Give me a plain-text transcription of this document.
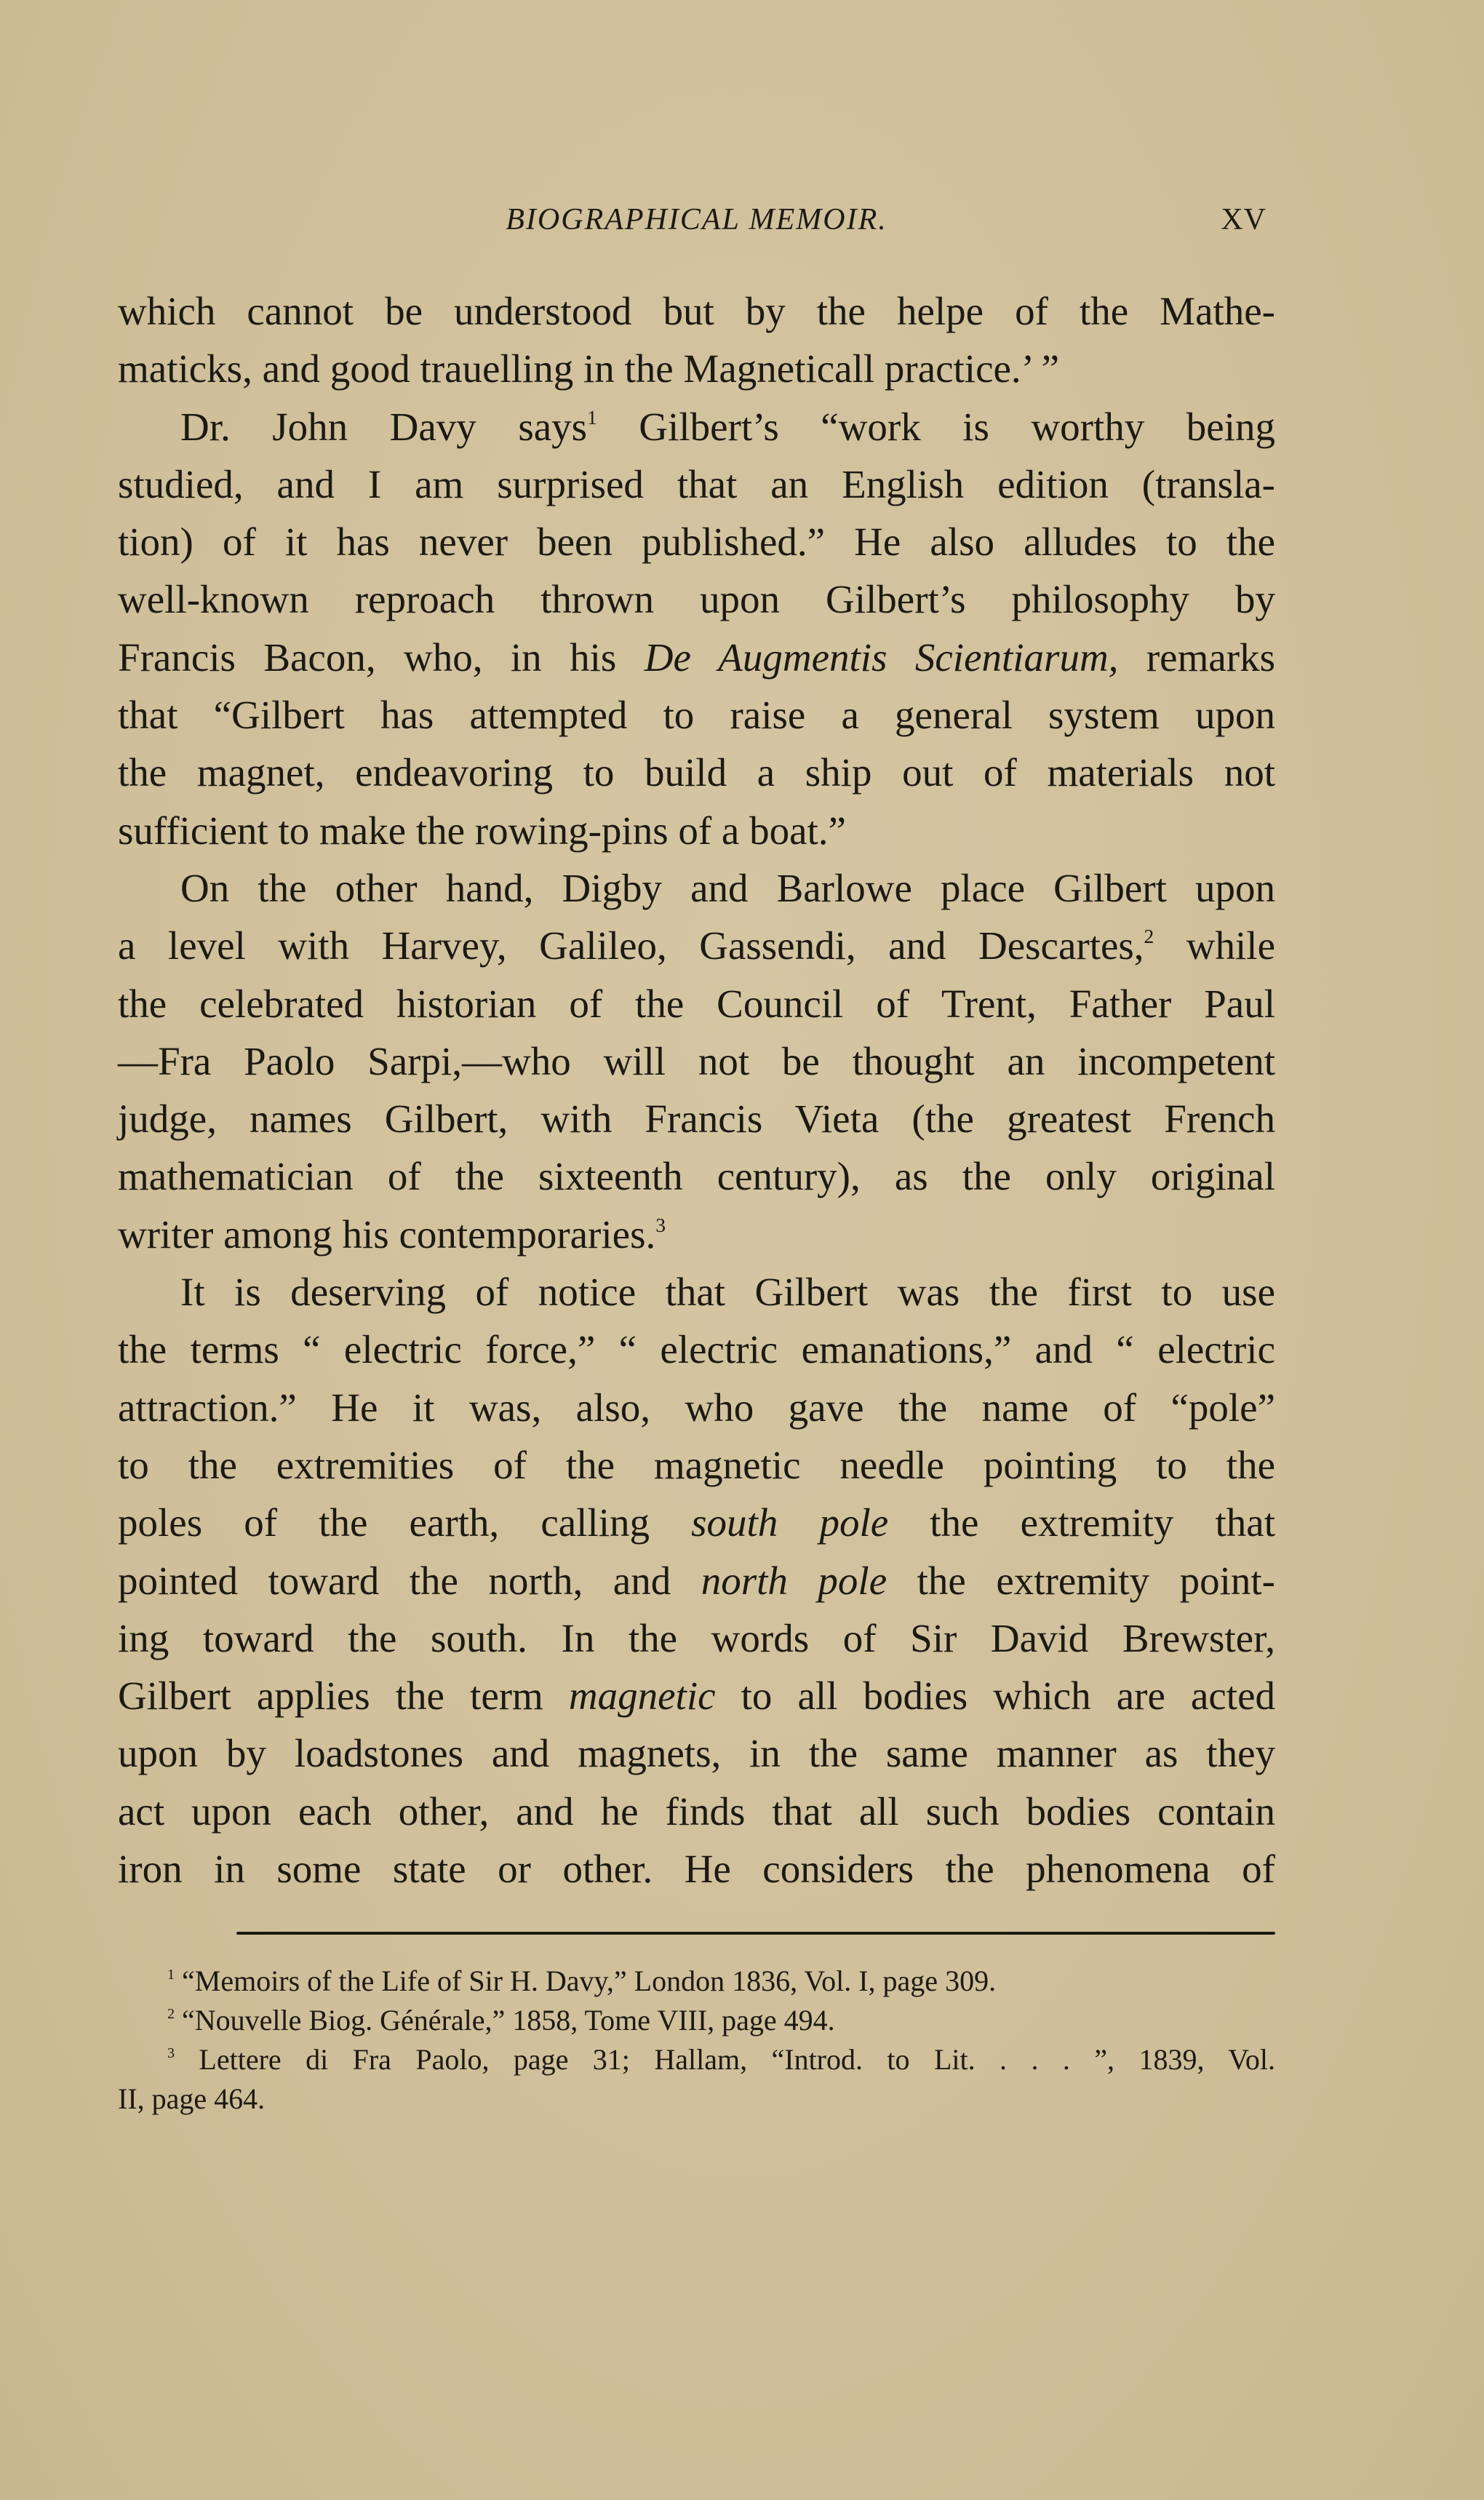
BIOGRAPHICAL MEMOIR.	XV
which cannot be understood but by the helpe of the Mathe-
maticks, and good trauelling in the Magneticall practice.’ ”
Dr. John Davy says$^1$ Gilbert’s “work is worthy being
studied, and I am surprised that an English edition (transla-
tion) of it has never been published.” He also alludes to the
well-known reproach thrown upon Gilbert’s philosophy by
Francis Bacon, who, in his De Augmentis Scientiarum, remarks
that “Gilbert has attempted to raise a general system upon
the magnet, endeavoring to build a ship out of materials not
sufficient to make the rowing-pins of a boat.”
On the other hand, Digby and Barlowe place Gilbert upon
a level with Harvey, Galileo, Gassendi, and Descartes,$^2$ while
the celebrated historian of the Council of Trent, Father Paul
—Fra Paolo Sarpi,—who will not be thought an incompetent
judge, names Gilbert, with Francis Vieta (the greatest French
mathematician of the sixteenth century), as the only original
writer among his contemporaries.$^3$
It is deserving of notice that Gilbert was the first to use
the terms “ electric force,” “ electric emanations,” and “ electric
attraction.” He it was, also, who gave the name of “pole”
to the extremities of the magnetic needle pointing to the
poles of the earth, calling south pole the extremity that
pointed toward the north, and north pole the extremity point-
ing toward the south. In the words of Sir David Brewster,
Gilbert applies the term magnetic to all bodies which are acted
upon by loadstones and magnets, in the same manner as they
act upon each other, and he finds that all such bodies contain
iron in some state or other. He considers the phenomena of
$^1$ “Memoirs of the Life of Sir H. Davy,” London 1836, Vol. I, page 309.
$^2$ “Nouvelle Biog. Générale,” 1858, Tome VIII, page 494.
$^3$ Lettere di Fra Paolo, page 31; Hallam, “Introd. to Lit. . . . ”, 1839, Vol.
II, page 464.
